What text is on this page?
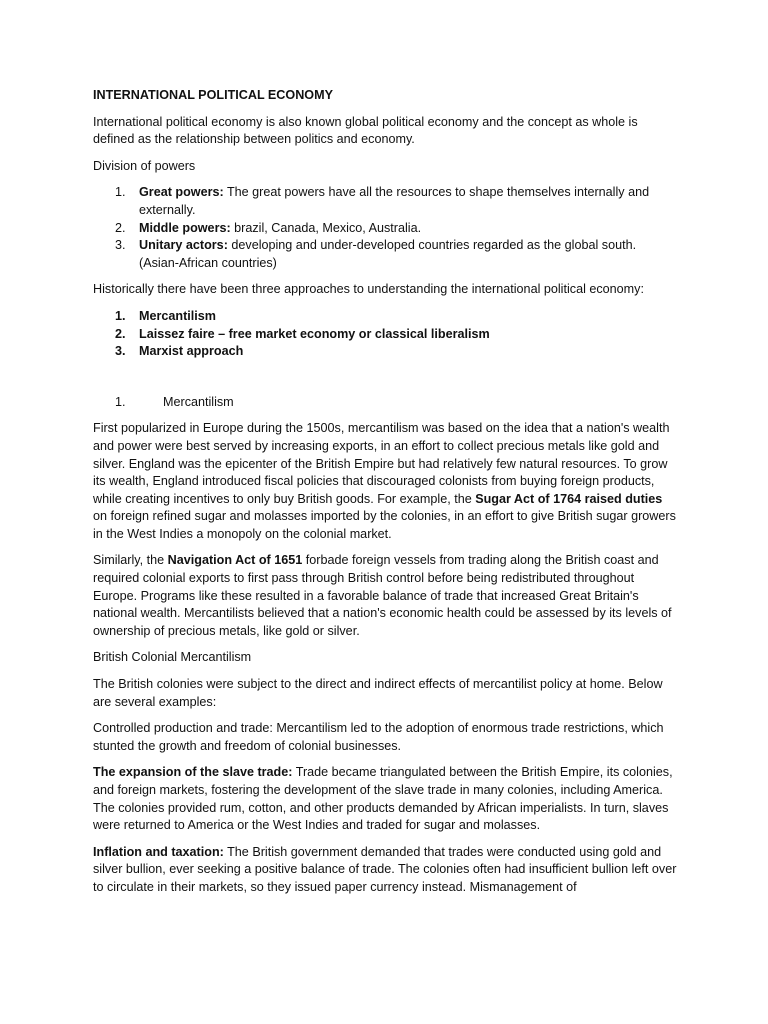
INTERNATIONAL POLITICAL ECONOMY

International political economy is also known global political economy and the concept as whole is defined as the relationship between politics and economy.

Division of powers

1. Great powers: The great powers have all the resources to shape themselves internally and externally.
2. Middle powers: brazil, Canada, Mexico, Australia.
3. Unitary actors: developing and under-developed countries regarded as the global south. (Asian-African countries)

Historically there have been three approaches to understanding the international political economy:

1. Mercantilism
2. Laissez faire – free market economy or classical liberalism
3. Marxist approach

1.	Mercantilism

First popularized in Europe during the 1500s, mercantilism was based on the idea that a nation's wealth and power were best served by increasing exports, in an effort to collect precious metals like gold and silver. England was the epicenter of the British Empire but had relatively few natural resources. To grow its wealth, England introduced fiscal policies that discouraged colonists from buying foreign products, while creating incentives to only buy British goods. For example, the Sugar Act of 1764 raised duties on foreign refined sugar and molasses imported by the colonies, in an effort to give British sugar growers in the West Indies a monopoly on the colonial market.

Similarly, the Navigation Act of 1651 forbade foreign vessels from trading along the British coast and required colonial exports to first pass through British control before being redistributed throughout Europe. Programs like these resulted in a favorable balance of trade that increased Great Britain's national wealth. Mercantilists believed that a nation's economic health could be assessed by its levels of ownership of precious metals, like gold or silver.

British Colonial Mercantilism

The British colonies were subject to the direct and indirect effects of mercantilist policy at home. Below are several examples:

Controlled production and trade: Mercantilism led to the adoption of enormous trade restrictions, which stunted the growth and freedom of colonial businesses.

The expansion of the slave trade: Trade became triangulated between the British Empire, its colonies, and foreign markets, fostering the development of the slave trade in many colonies, including America. The colonies provided rum, cotton, and other products demanded by African imperialists. In turn, slaves were returned to America or the West Indies and traded for sugar and molasses.

Inflation and taxation: The British government demanded that trades were conducted using gold and silver bullion, ever seeking a positive balance of trade. The colonies often had insufficient bullion left over to circulate in their markets, so they issued paper currency instead. Mismanagement of
